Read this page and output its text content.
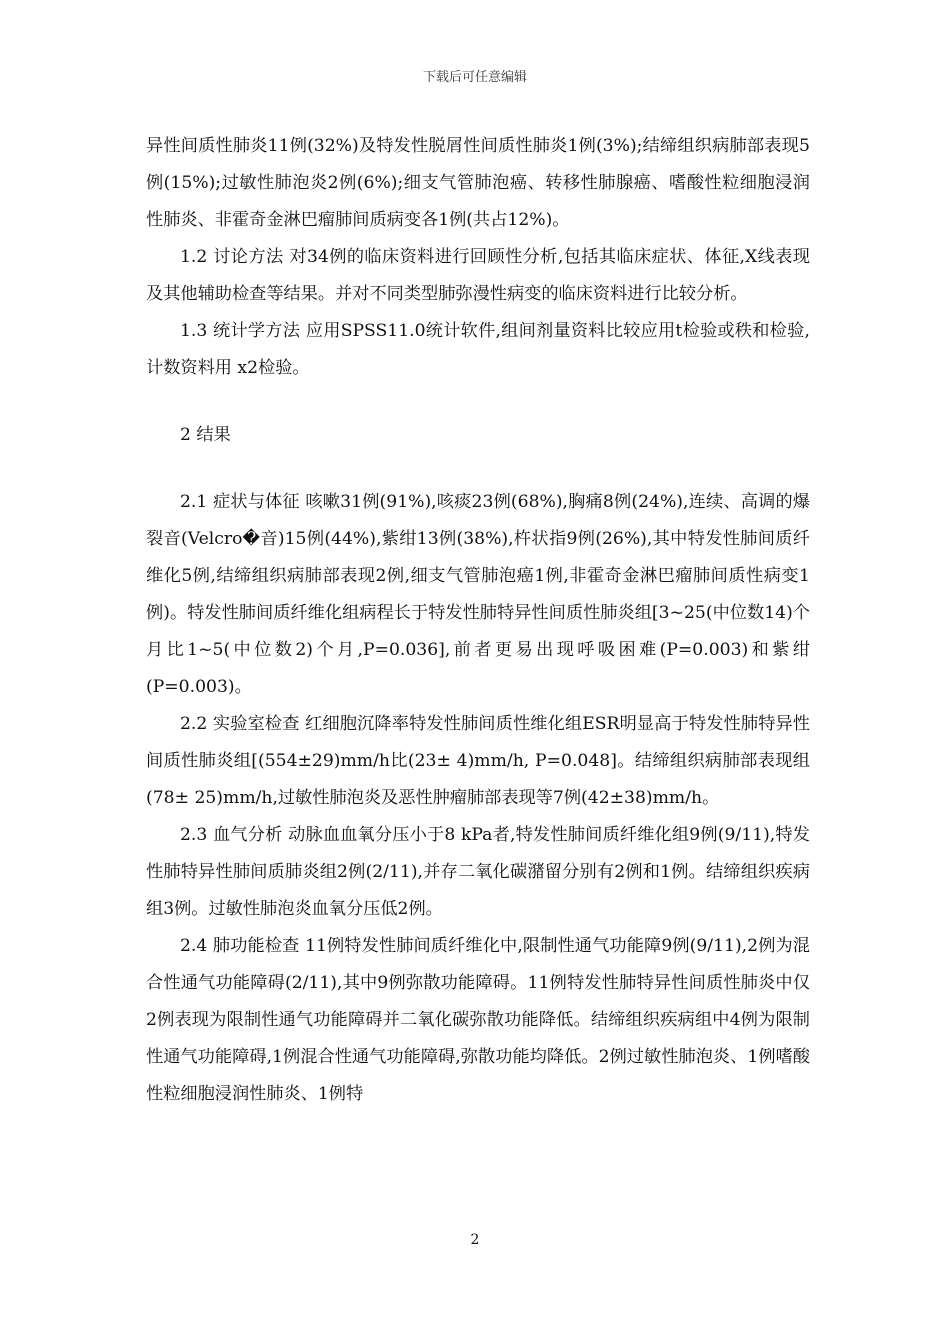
下载后可任意编辑

异性间质性肺炎11例(32%)及特发性脱屑性间质性肺炎1例(3%);结缔组织病肺部表现5例(15%);过敏性肺泡炎2例(6%);细支气管肺泡癌、转移性肺腺癌、嗜酸性粒细胞浸润性肺炎、非霍奇金淋巴瘤肺间质病变各1例(共占12%)。

1.2 讨论方法 对34例的临床资料进行回顾性分析,包括其临床症状、体征,X线表现及其他辅助检查等结果。并对不同类型肺弥漫性病变的临床资料进行比较分析。

1.3 统计学方法 应用SPSS11.0统计软件,组间剂量资料比较应用t检验或秩和检验,计数资料用 x2检验。

2 结果

2.1 症状与体征 咳嗽31例(91%),咳痰23例(68%),胸痛8例(24%),连续、高调的爆裂音(Velcro�音)15例(44%),紫绀13例(38%),杵状指9例(26%),其中特发性肺间质纤维化5例,结缔组织病肺部表现2例,细支气管肺泡癌1例,非霍奇金淋巴瘤肺间质性病变1例)。特发性肺间质纤维化组病程长于特发性肺特异性间质性肺炎组[3~25(中位数14)个月比1~5(中位数2)个月,P=0.036],前者更易出现呼吸困难(P=0.003)和紫绀(P=0.003)。

2.2 实验室检查 红细胞沉降率特发性肺间质性维化组ESR明显高于特发性肺特异性间质性肺炎组[(554±29)mm/h比(23± 4)mm/h, P=0.048]。结缔组织病肺部表现组(78± 25)mm/h,过敏性肺泡炎及恶性肿瘤肺部表现等7例(42±38)mm/h。

2.3 血气分析 动脉血血氧分压小于8 kPa者,特发性肺间质纤维化组9例(9/11),特发性肺特异性肺间质肺炎组2例(2/11),并存二氧化碳潴留分别有2例和1例。结缔组织疾病组3例。过敏性肺泡炎血氧分压低2例。

2.4 肺功能检查 11例特发性肺间质纤维化中,限制性通气功能障9例(9/11),2例为混合性通气功能障碍(2/11),其中9例弥散功能障碍。11例特发性肺特异性间质性肺炎中仅2例表现为限制性通气功能障碍并二氧化碳弥散功能降低。结缔组织疾病组中4例为限制性通气功能障碍,1例混合性通气功能障碍,弥散功能均降低。2例过敏性肺泡炎、1例嗜酸性粒细胞浸润性肺炎、1例特

2
